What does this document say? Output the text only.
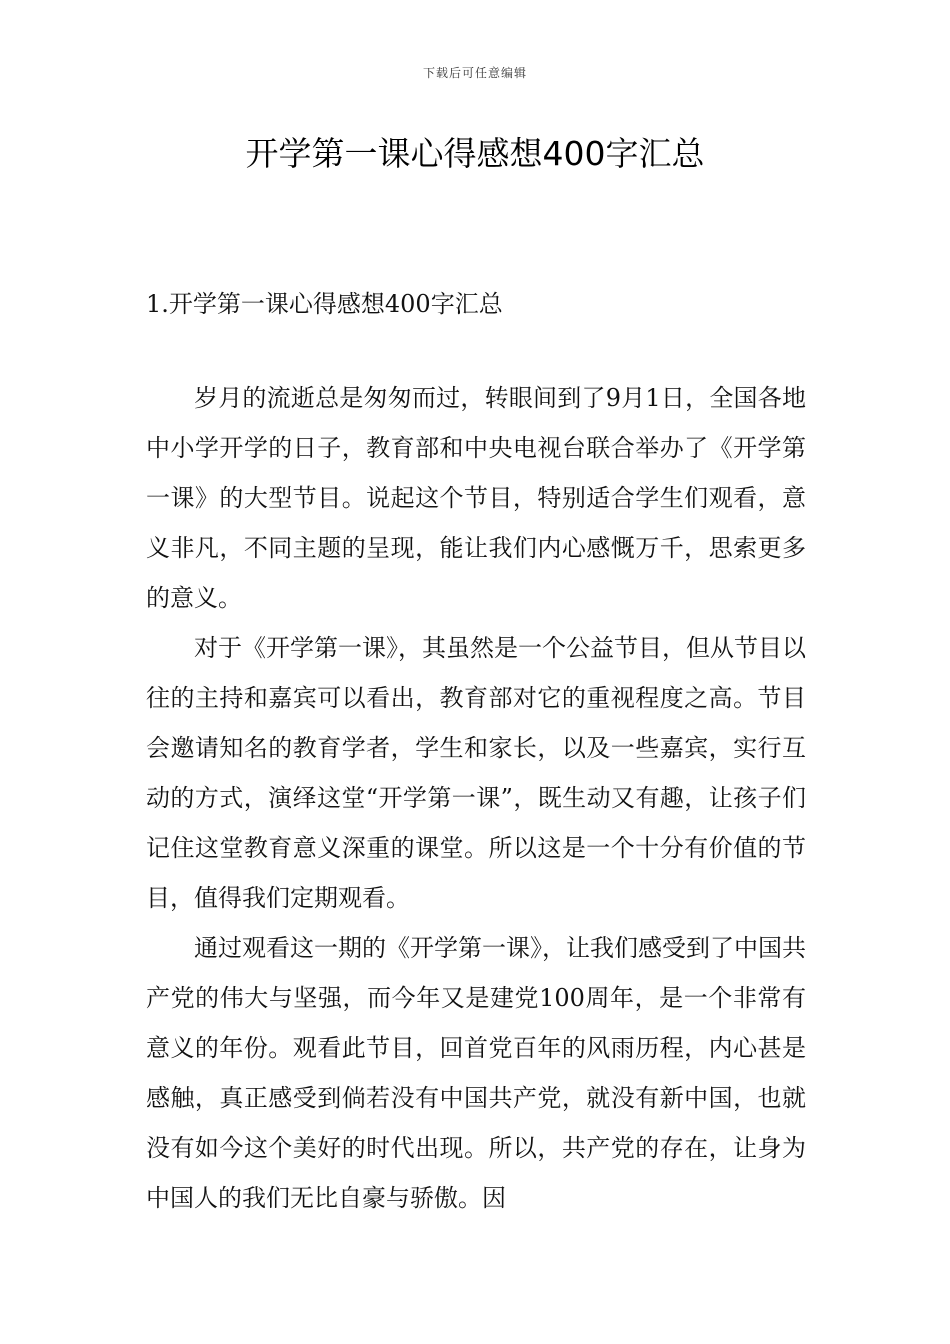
下载后可任意编辑
开学第一课心得感想400字汇总
1.开学第一课心得感想400字汇总

岁月的流逝总是匆匆而过，转眼间到了9月1日，全国各地中小学开学的日子，教育部和中央电视台联合举办了《开学第一课》的大型节目。说起这个节目，特别适合学生们观看，意义非凡，不同主题的呈现，能让我们内心感慨万千，思索更多的意义。

对于《开学第一课》，其虽然是一个公益节目，但从节目以往的主持和嘉宾可以看出，教育部对它的重视程度之高。节目会邀请知名的教育学者，学生和家长，以及一些嘉宾，实行互动的方式，演绎这堂“开学第一课”，既生动又有趣，让孩子们记住这堂教育意义深重的课堂。所以这是一个十分有价值的节目，值得我们定期观看。

通过观看这一期的《开学第一课》，让我们感受到了中国共产党的伟大与坚强，而今年又是建党100周年，是一个非常有意义的年份。观看此节目，回首党百年的风雨历程，内心甚是感触，真正感受到倘若没有中国共产党，就没有新中国，也就没有如今这个美好的时代出现。所以，共产党的存在，让身为中国人的我们无比自豪与骄傲。因
